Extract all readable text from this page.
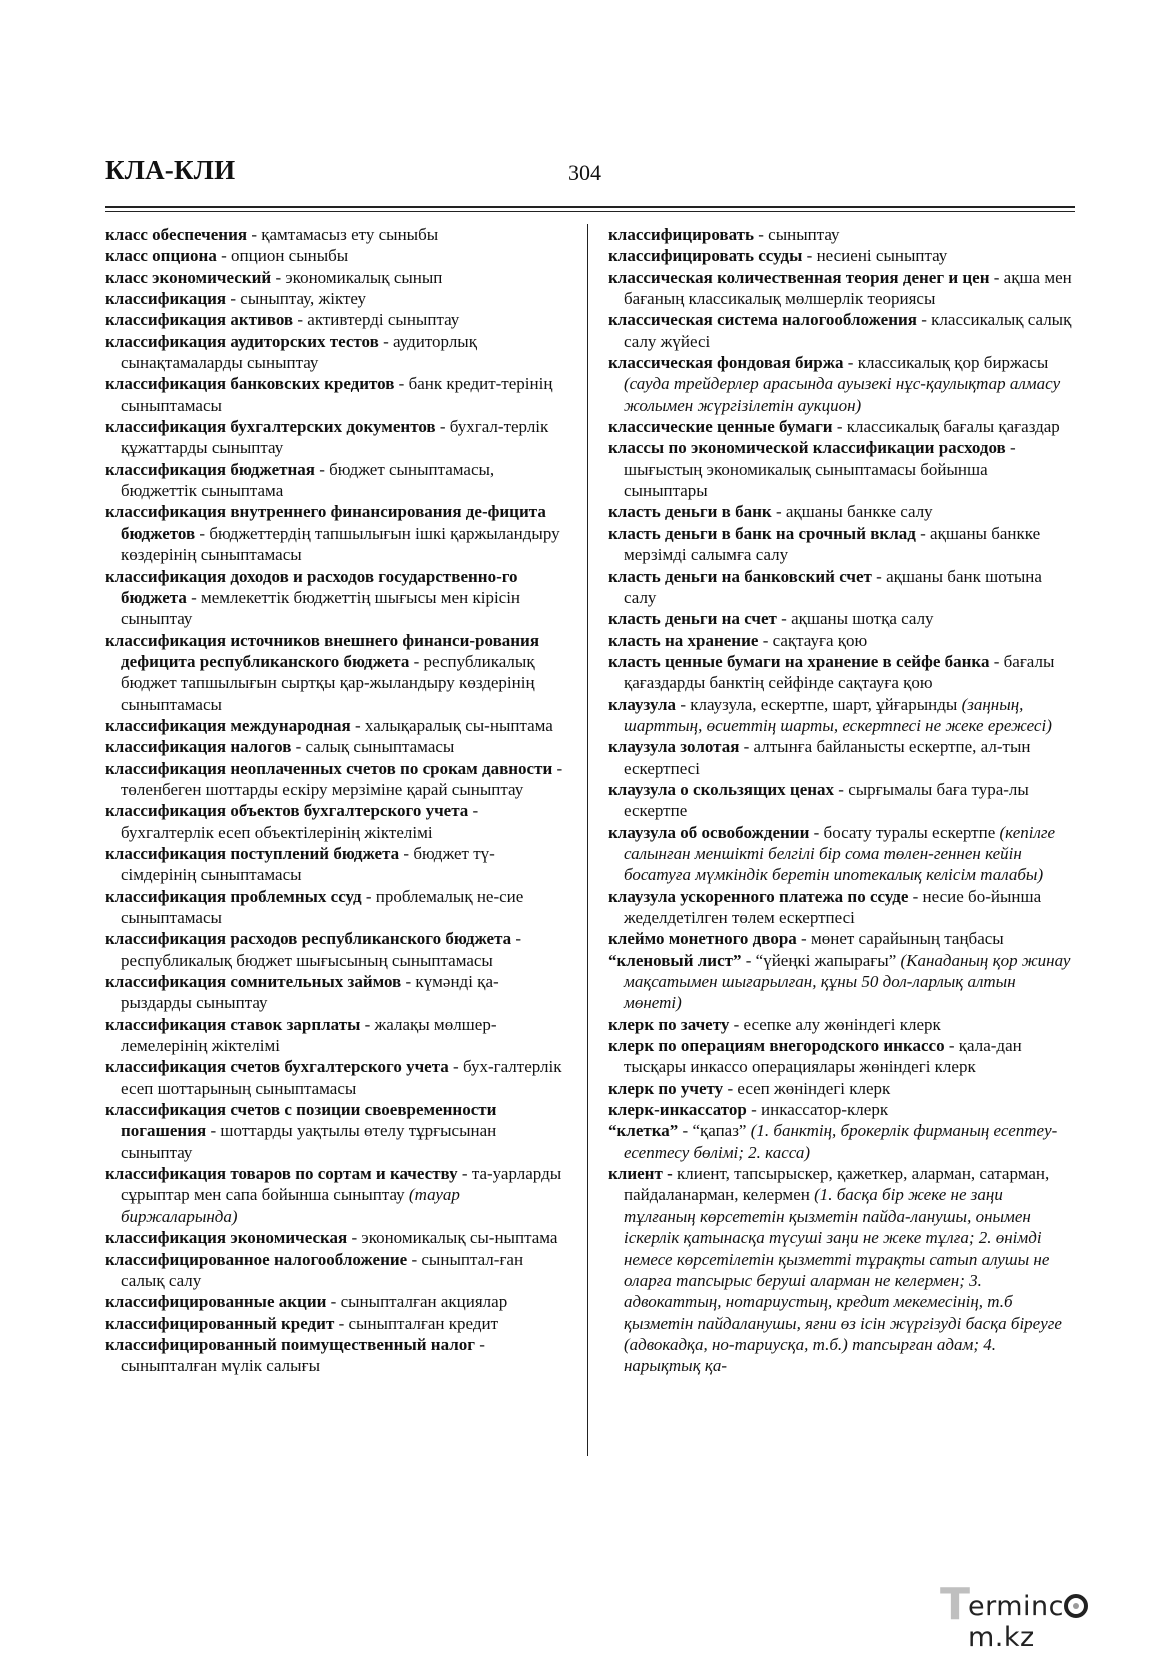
КЛА-КЛИ	304

класс обеспечения - қамтамасыз ету сыныбы

класс опциона - опцион сыныбы

класс экономический - экономикалық сынып

классификация - сыныптау, жіктеу

классификация активов - активтерді сыныптау

классификация аудиторских тестов - аудиторлық сынақтамаларды сыныптау

классификация банковских кредитов - банк кредит-терінің сыныптамасы

классификация бухгалтерских документов - бухгал-терлік құжаттарды сыныптау

классификация бюджетная - бюджет сыныптамасы, бюджеттік сыныптама

классификация внутреннего финансирования де-фицита бюджетов - бюджеттердің тапшылығын ішкі қаржыландыру көздерінің сыныптамасы

классификация доходов и расходов государственно-го бюджета - мемлекеттік бюджеттің шығысы мен кірісін сыныптау

классификация источников внешнего финанси-рования дефицита республиканского бюджета - республикалық бюджет тапшылығын сыртқы қар-жыландыру көздерінің сыныптамасы

классификация международная - халықаралық сы-ныптама

классификация налогов - салық сыныптамасы

классификация неоплаченных счетов по срокам давности - төленбеген шоттарды ескіру мерзіміне қарай сыныптау

классификация объектов бухгалтерского учета - бухгалтерлік есеп объектілерінің жіктелімі

классификация поступлений бюджета - бюджет тү-сімдерінің сыныптамасы

классификация проблемных ссуд - проблемалық не-сие сыныптамасы

классификация расходов республиканского бюджета - республикалық бюджет шығысының сыныптамасы

классификация сомнительных займов - күмәнді қа-рыздарды сыныптау

классификация ставок зарплаты - жалақы мөлшер-лемелерінің жіктелімі

классификация счетов бухгалтерского учета - бух-галтерлік есеп шоттарының сыныптамасы

классификация счетов с позиции своевременности погашения - шоттарды уақтылы өтелу тұрғысынан сыныптау

классификация товаров по сортам и качеству - та-уарларды сұрыптар мен сапа бойынша сыныптау (тауар биржаларында)

классификация экономическая - экономикалық сы-ныптама

классифицированное налогообложение - сыныптал-ған салық салу

классифицированные акции - сыныпталған акциялар

классифицированный кредит - сыныпталған кредит

классифицированный поимущественный налог - сыныпталған мүлік салығы

классифицировать - сыныптау

классифицировать ссуды - несиені сыныптау

классическая количественная теория денег и цен - ақша мен бағаның классикалық мөлшерлік теориясы

классическая система налогообложения - классикалық салық салу жүйесі

классическая фондовая биржа - классикалық қор биржасы (сауда трейдерлер арасында ауызекі нұс-қаулықтар алмасу жолымен жүргізілетін аукцион)

классические ценные бумаги - классикалық бағалы қағаздар

классы по экономической классификации расходов - шығыстың экономикалық сыныптамасы бойынша сыныптары

класть деньги в банк - ақшаны банкке салу

класть деньги в банк на срочный вклад - ақшаны банкке мерзімді салымға салу

класть деньги на банковский счет - ақшаны банк шотына салу

класть деньги на счет - ақшаны шотқа салу

класть на хранение - сақтауға қою

класть ценные бумаги на хранение в сейфе банка - бағалы қағаздарды банктің сейфінде сақтауға қою

клаузула - клаузула, ескертпе, шарт, ұйғарынды (заңның, шарттың, өсиеттің шарты, ескертпесі не жеке ережесі)

клаузула золотая - алтынға байланысты ескертпе, ал-тын ескертпесі

клаузула о скользящих ценах - сырғымалы баға тура-лы ескертпе

клаузула об освобождении - босату туралы ескертпе (кепілге салынған меншікті белгілі бір сома төлен-геннен кейін босатуға мүмкіндік беретін ипотекалық келісім талабы)

клаузула ускоренного платежа по ссуде - несие бо-йынша жеделдетілген төлем ескертпесі

клеймо монетного двора - мөнет сарайының таңбасы

“кленовый лист” - “үйеңкі жапырағы” (Канаданың қор жинау мақсатымен шығарылған, құны 50 дол-ларлық алтын мөнеті)

клерк по зачету - есепке алу жөніндегі клерк

клерк по операциям внегородского инкассо - қала-дан тысқары инкассо операциялары жөніндегі клерк

клерк по учету - есеп жөніндегі клерк

клерк-инкассатор - инкассатор-клерк

“клетка” - “қапаз” (1. банктің, брокерлік фирманың есептеу-есептесу бөлімі; 2. касса)

клиент - клиент, тапсырыскер, қажеткер, аларман, сатарман, пайдаланарман, келермен (1. басқа бір жеке не заңи тұлғаның көрсететін қызметін пайда-ланушы, онымен іскерлік қатынасқа түсуші заңи не жеке тұлға; 2. өнімді немесе көрсетілетін қызметті тұрақты сатып алушы не оларға тапсырыс беруші аларман не келермен; 3. адвокаттың, нотариустың, кредит мекемесінің, т.б қызметін пайдаланушы, яғни өз ісін жүргізуді басқа біреуге (адвокадқа, но-тариусқа, т.б.) тапсырған адам; 4. нарықтық қа-

T
ermincm.kz
